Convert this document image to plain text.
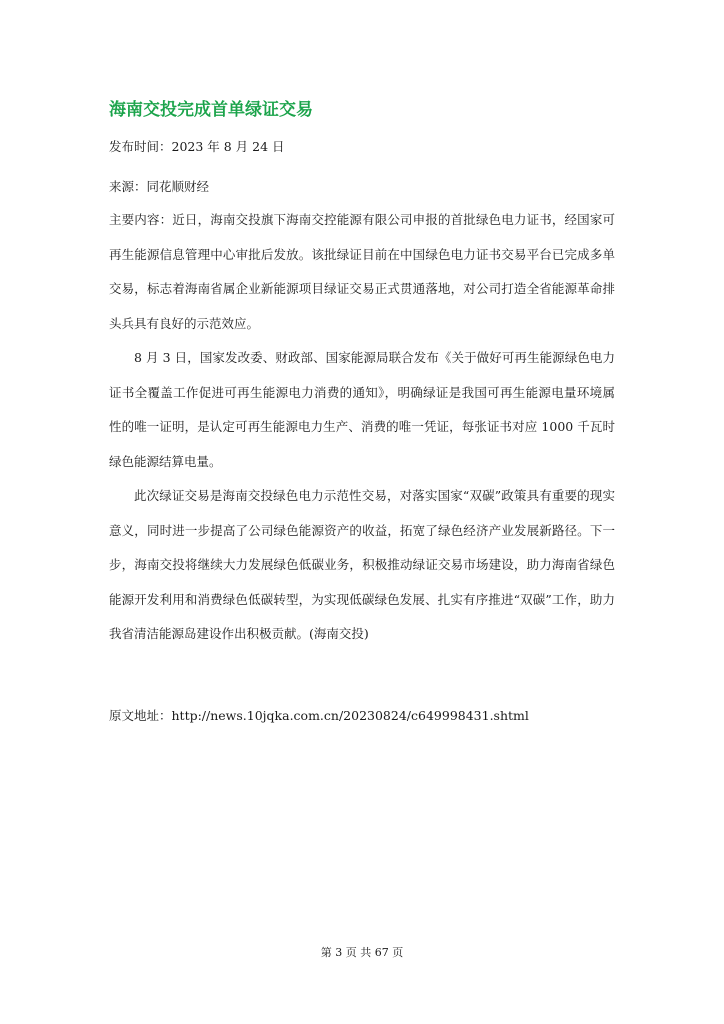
海南交投完成首单绿证交易
发布时间：2023 年 8 月 24 日
来源：同花顺财经

主要内容：近日，海南交投旗下海南交控能源有限公司申报的首批绿色电力证书，经国家可再生能源信息管理中心审批后发放。该批绿证目前在中国绿色电力证书交易平台已完成多单交易，标志着海南省属企业新能源项目绿证交易正式贯通落地，对公司打造全省能源革命排头兵具有良好的示范效应。

8 月 3 日，国家发改委、财政部、国家能源局联合发布《关于做好可再生能源绿色电力证书全覆盖工作促进可再生能源电力消费的通知》，明确绿证是我国可再生能源电量环境属性的唯一证明，是认定可再生能源电力生产、消费的唯一凭证，每张证书对应 1000 千瓦时绿色能源结算电量。

此次绿证交易是海南交投绿色电力示范性交易，对落实国家“双碳”政策具有重要的现实意义，同时进一步提高了公司绿色能源资产的收益，拓宽了绿色经济产业发展新路径。下一步，海南交投将继续大力发展绿色低碳业务，积极推动绿证交易市场建设，助力海南省绿色能源开发利用和消费绿色低碳转型，为实现低碳绿色发展、扎实有序推进“双碳”工作，助力我省清洁能源岛建设作出积极贡献。(海南交投)

原文地址：http://news.10jqka.com.cn/20230824/c649998431.shtml
第 3 页 共 67 页
